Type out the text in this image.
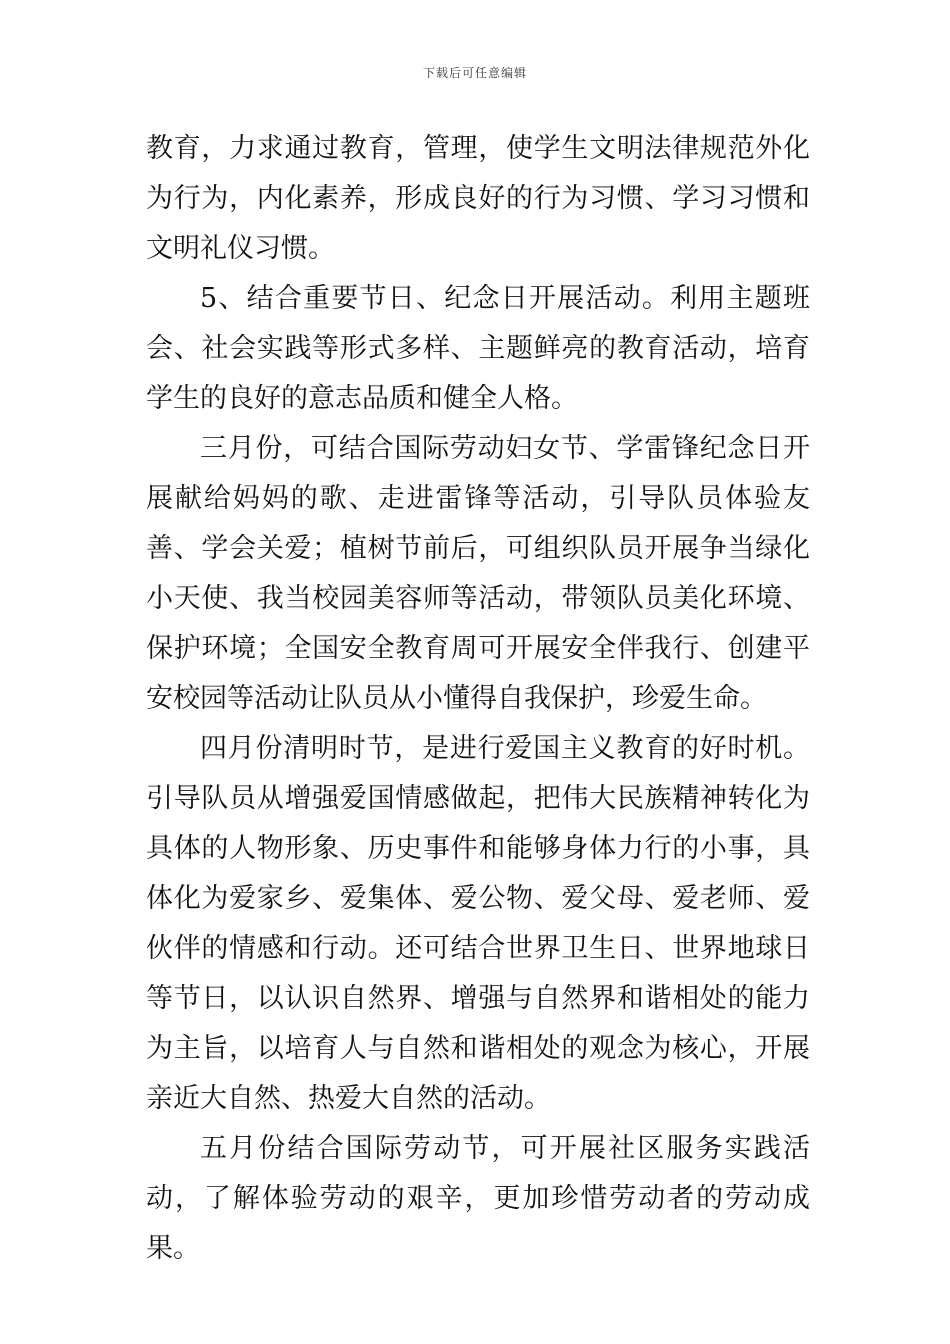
下载后可任意编辑

教育，力求通过教育，管理，使学生文明法律规范外化为行为，内化素养，形成良好的行为习惯、学习习惯和文明礼仪习惯。

5、结合重要节日、纪念日开展活动。利用主题班会、社会实践等形式多样、主题鲜亮的教育活动，培育学生的良好的意志品质和健全人格。

三月份，可结合国际劳动妇女节、学雷锋纪念日开展献给妈妈的歌、走进雷锋等活动，引导队员体验友善、学会关爱；植树节前后，可组织队员开展争当绿化小天使、我当校园美容师等活动，带领队员美化环境、保护环境；全国安全教育周可开展安全伴我行、创建平安校园等活动让队员从小懂得自我保护，珍爱生命。

四月份清明时节，是进行爱国主义教育的好时机。引导队员从增强爱国情感做起，把伟大民族精神转化为具体的人物形象、历史事件和能够身体力行的小事，具体化为爱家乡、爱集体、爱公物、爱父母、爱老师、爱伙伴的情感和行动。还可结合世界卫生日、世界地球日等节日，以认识自然界、增强与自然界和谐相处的能力为主旨，以培育人与自然和谐相处的观念为核心，开展亲近大自然、热爱大自然的活动。

五月份结合国际劳动节，可开展社区服务实践活动，了解体验劳动的艰辛，更加珍惜劳动者的劳动成果。
